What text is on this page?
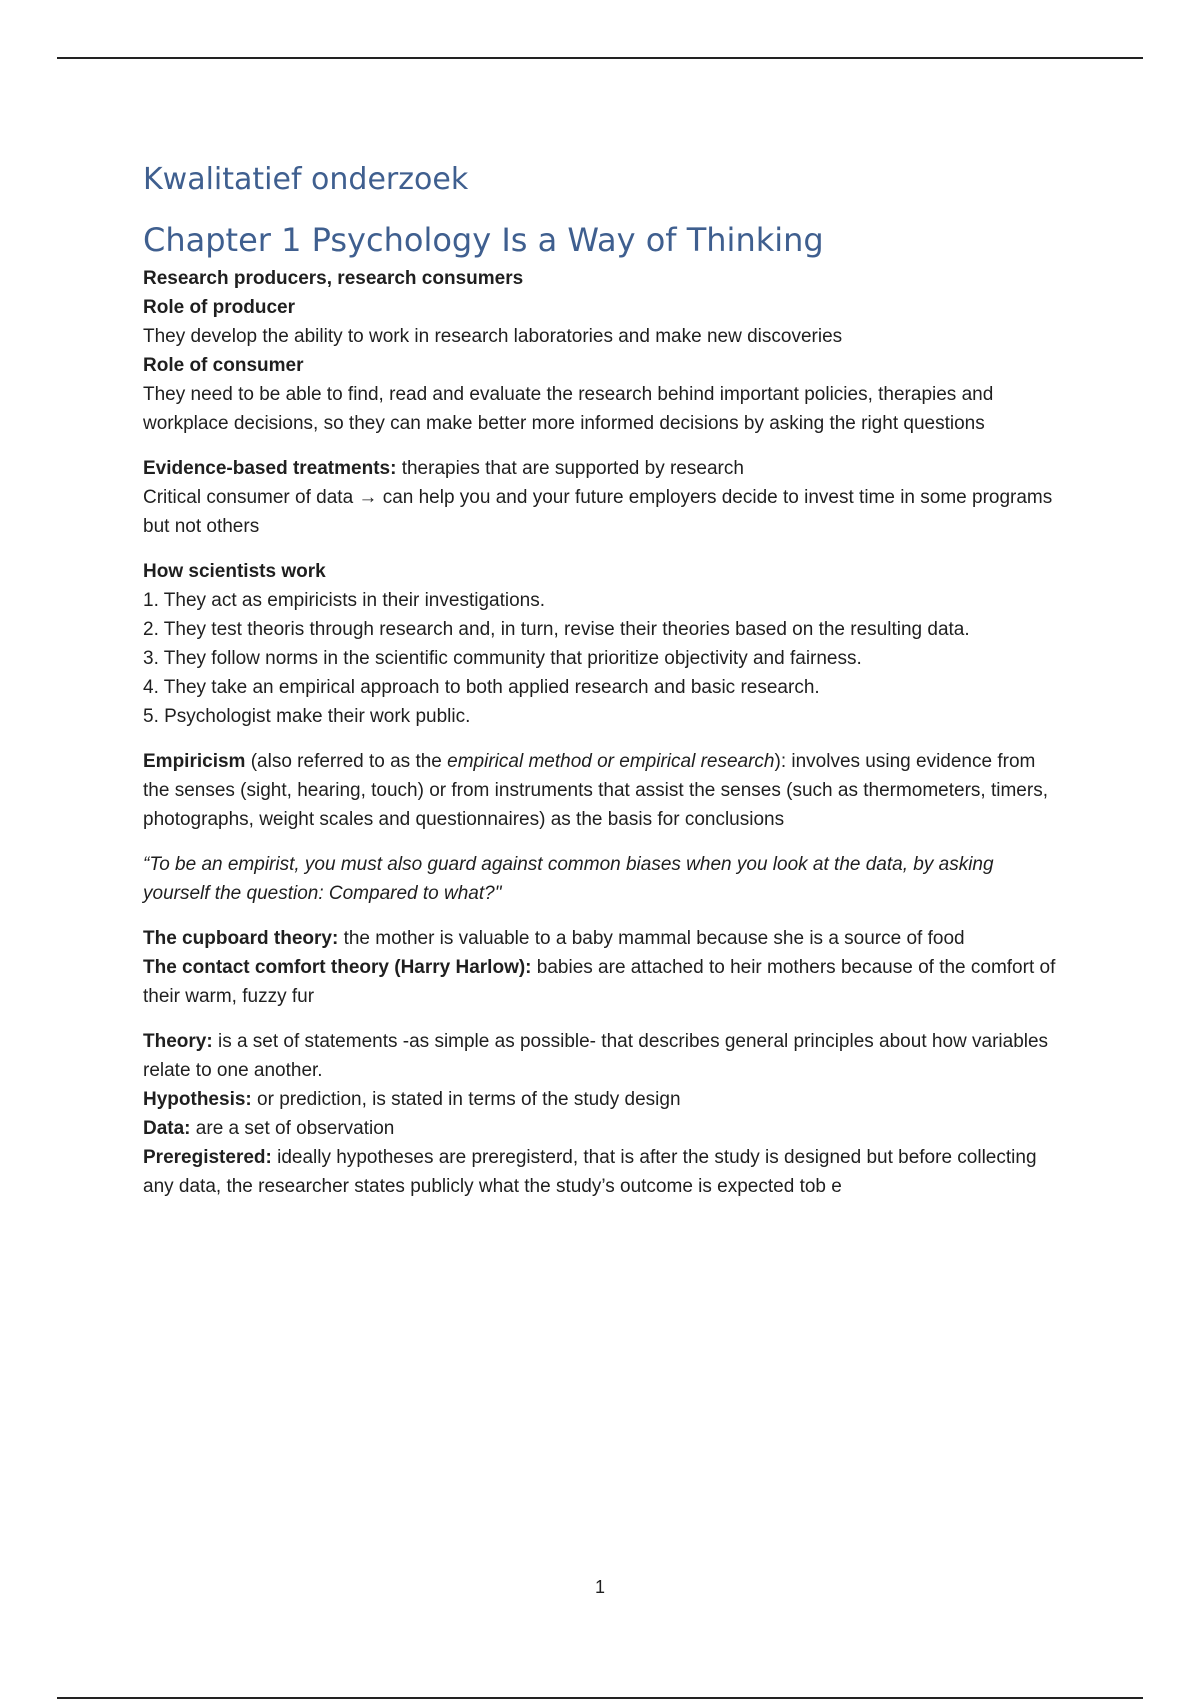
Kwalitatief onderzoek
Chapter 1 Psychology Is a Way of Thinking
Research producers, research consumers
Role of producer
They develop the ability to work in research laboratories and make new discoveries
Role of consumer
They need to be able to find, read and evaluate the research behind important policies, therapies and workplace decisions, so they can make better more informed decisions by asking the right questions
Evidence-based treatments: therapies that are supported by research
Critical consumer of data → can help you and your future employers decide to invest time in some programs but not others
How scientists work
1. They act as empiricists in their investigations.
2. They test theoris through research and, in turn, revise their theories based on the resulting data.
3. They follow norms in the scientific community that prioritize objectivity and fairness.
4. They take an empirical approach to both applied research and basic research.
5. Psychologist make their work public.

Empiricism (also referred to as the empirical method or empirical research): involves using evidence from the senses (sight, hearing, touch) or from instruments that assist the senses (such as thermometers, timers, photographs, weight scales and questionnaires) as the basis for conclusions

“To be an empirist, you must also guard against common biases when you look at the data, by asking yourself the question: Compared to what?"

The cupboard theory: the mother is valuable to a baby mammal because she is a source of food
The contact comfort theory (Harry Harlow): babies are attached to heir mothers because of the comfort of their warm, fuzzy fur
Theory: is a set of statements -as simple as possible- that describes general principles about how variables relate to one another.
Hypothesis: or prediction, is stated in terms of the study design
Data: are a set of observation
Preregistered: ideally hypotheses are preregisterd, that is after the study is designed but before collecting any data, the researcher states publicly what the study’s outcome is expected tob e
1
